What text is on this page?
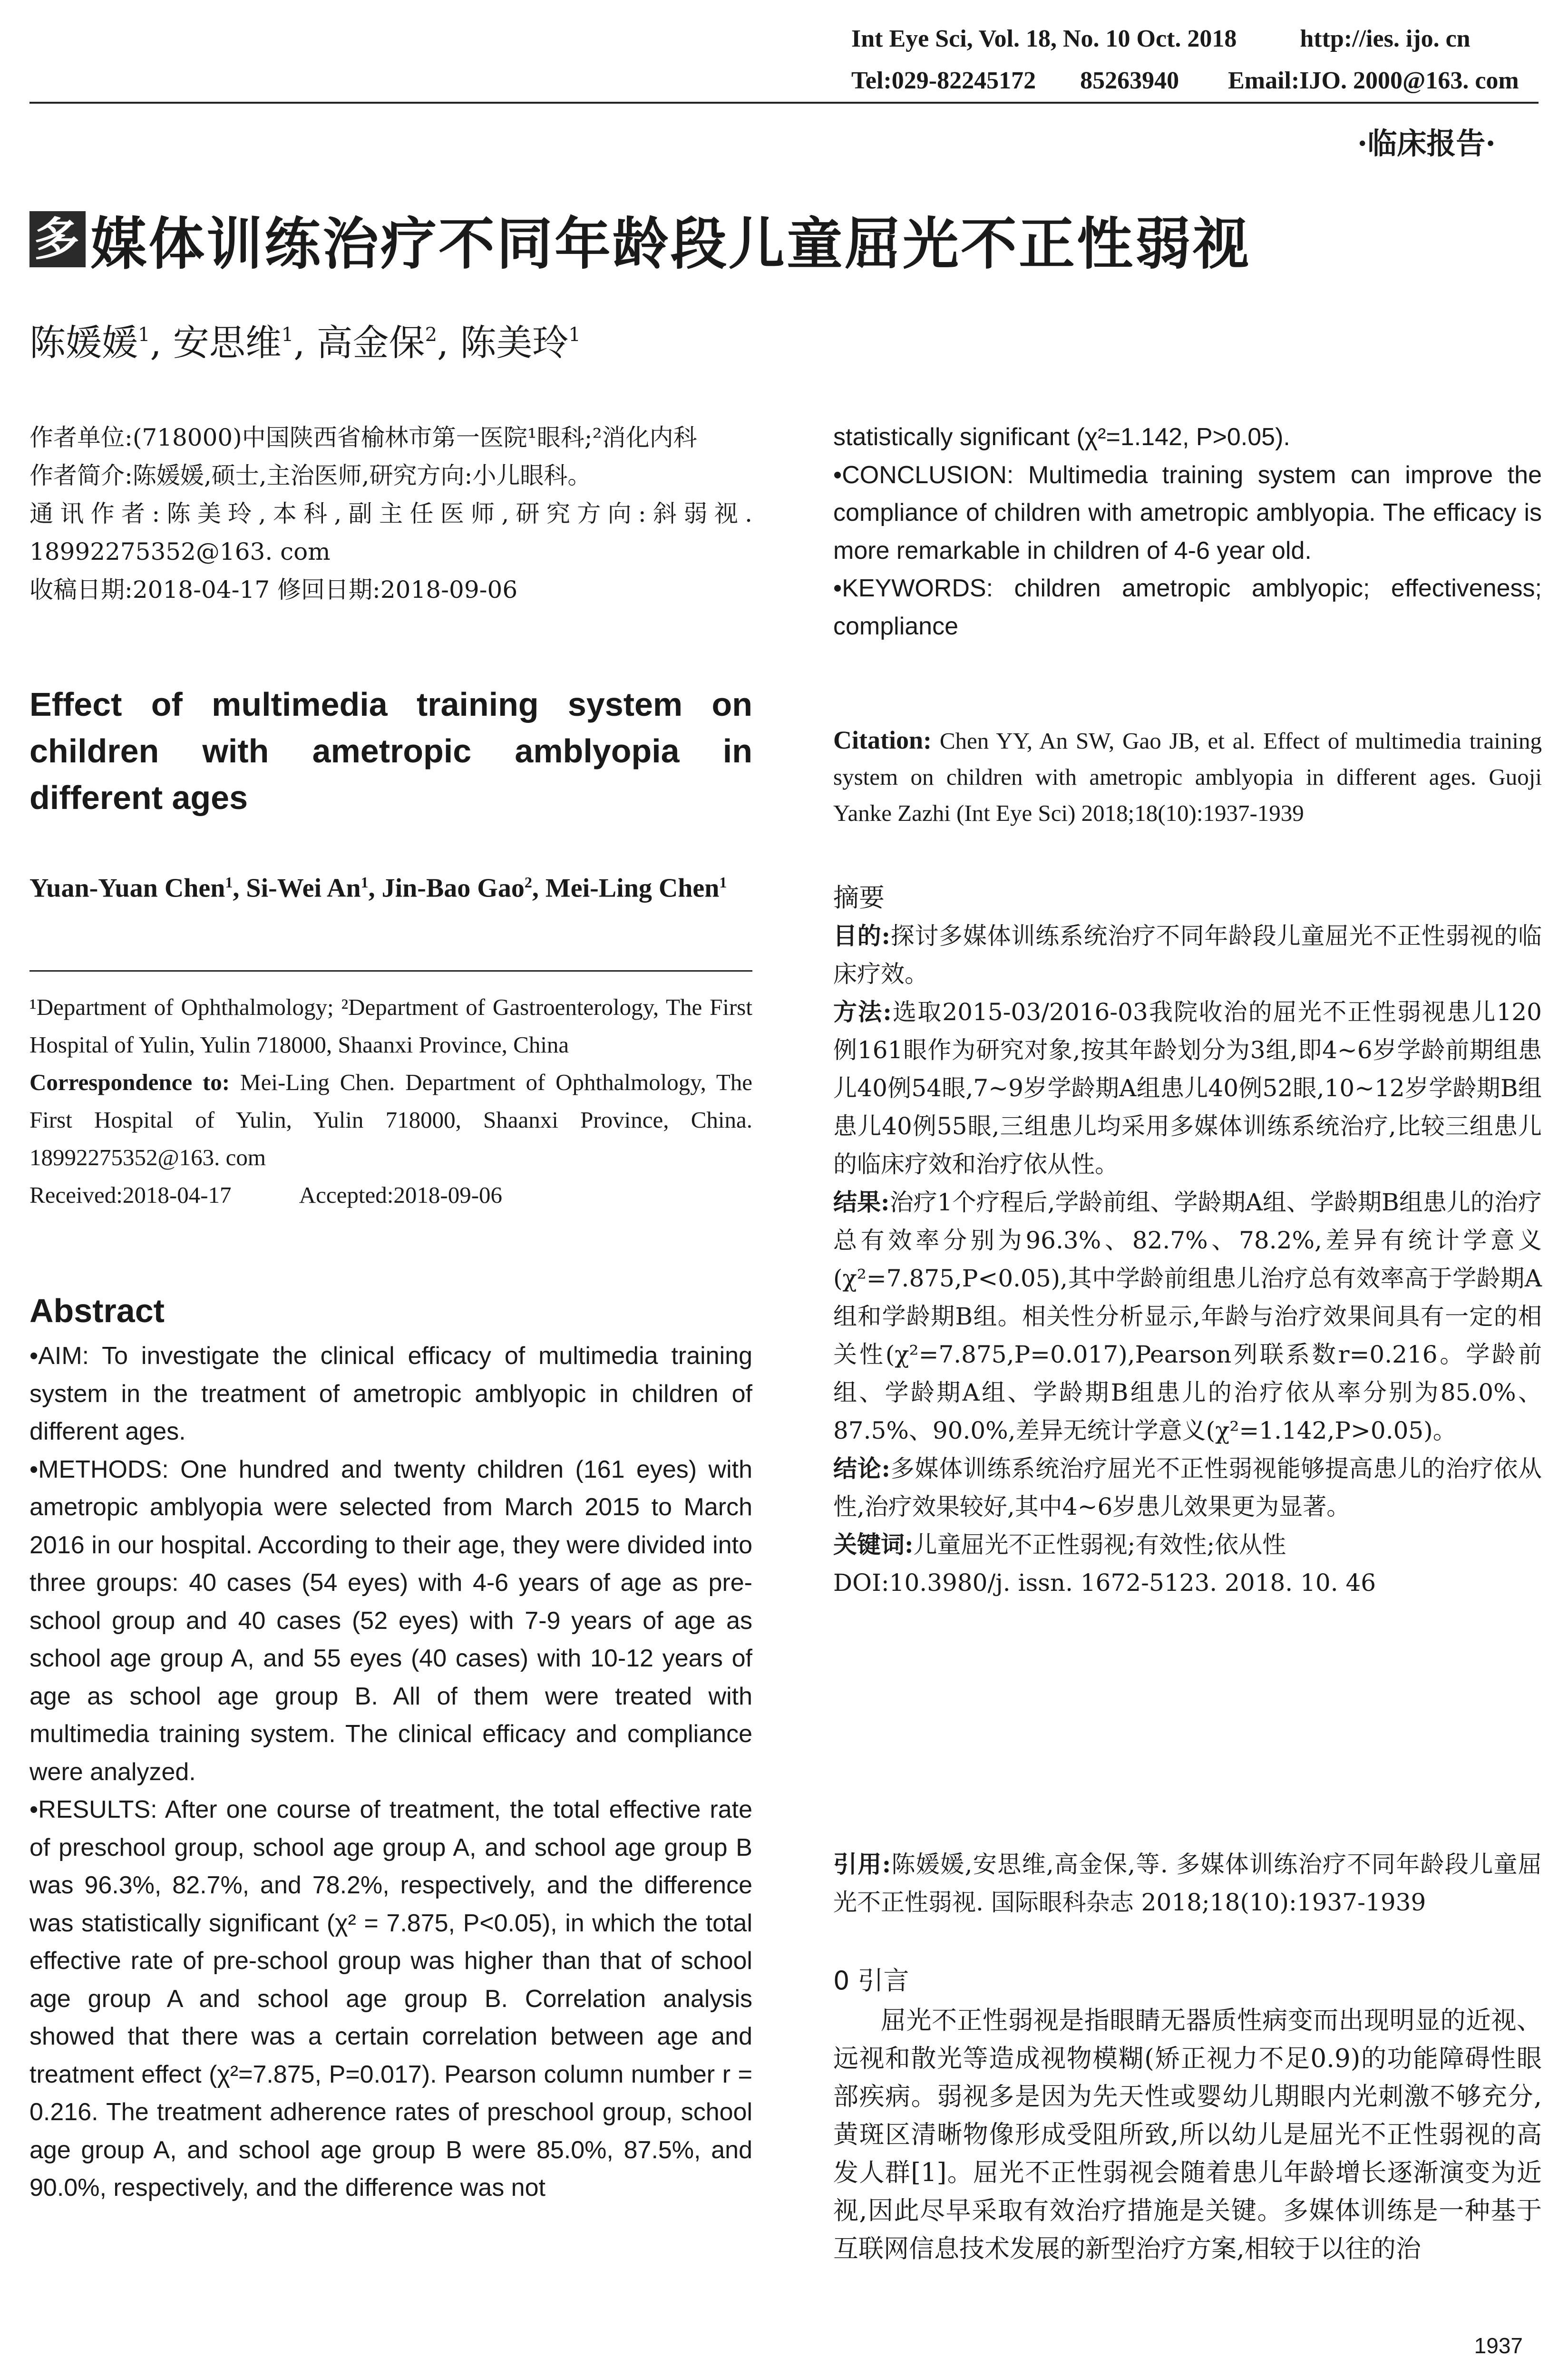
Int Eye Sci, Vol. 18, No. 10 Oct. 2018	http://ies. ijo. cn
Tel:029-82245172 85263940 Email:IJO. 2000@163. com
·临床报告·
多 媒体训练治疗不同年龄段儿童屈光不正性弱视
陈媛媛$^1$, 安思维$^1$, 高金保$^2$, 陈美玲$^1$

作者单位:(718000)中国陕西省榆林市第一医院¹眼科;²消化内科

作者简介:陈媛媛,硕士,主治医师,研究方向:小儿眼科。

通讯作者:陈美玲,本科,副主任医师,研究方向:斜弱视. 18992275352@163. com

收稿日期:2018-04-17 修回日期:2018-09-06

Effect of multimedia training system on children with ametropic amblyopia in different ages
Yuan-Yuan Chen$^1$, Si-Wei An$^1$, Jin-Bao Gao$^2$, Mei-Ling Chen$^1$

¹Department of Ophthalmology; ²Department of Gastroenterology, The First Hospital of Yulin, Yulin 718000, Shaanxi Province, China

Correspondence to: Mei-Ling Chen. Department of Ophthalmology, The First Hospital of Yulin, Yulin 718000, Shaanxi Province, China. 18992275352@163. com

Received:2018-04-17	Accepted:2018-09-06

Abstract

•AIM: To investigate the clinical efficacy of multimedia training system in the treatment of ametropic amblyopic in children of different ages.

•METHODS: One hundred and twenty children (161 eyes) with ametropic amblyopia were selected from March 2015 to March 2016 in our hospital. According to their age, they were divided into three groups: 40 cases (54 eyes) with 4-6 years of age as pre-school group and 40 cases (52 eyes) with 7-9 years of age as school age group A, and 55 eyes (40 cases) with 10-12 years of age as school age group B. All of them were treated with multimedia training system. The clinical efficacy and compliance were analyzed.

•RESULTS: After one course of treatment, the total effective rate of preschool group, school age group A, and school age group B was 96.3%, 82.7%, and 78.2%, respectively, and the difference was statistically significant (χ² = 7.875, P<0.05), in which the total effective rate of pre-school group was higher than that of school age group A and school age group B. Correlation analysis showed that there was a certain correlation between age and treatment effect (χ²=7.875, P=0.017). Pearson column number r = 0.216. The treatment adherence rates of preschool group, school age group A, and school age group B were 85.0%, 87.5%, and 90.0%, respectively, and the difference was not

statistically significant (χ²=1.142, P>0.05).

•CONCLUSION: Multimedia training system can improve the compliance of children with ametropic amblyopia. The efficacy is more remarkable in children of 4-6 year old.

•KEYWORDS: children ametropic amblyopic; effectiveness; compliance

Citation: Chen YY, An SW, Gao JB, et al. Effect of multimedia training system on children with ametropic amblyopia in different ages. Guoji Yanke Zazhi (Int Eye Sci) 2018;18(10):1937-1939

摘要

目的:探讨多媒体训练系统治疗不同年龄段儿童屈光不正性弱视的临床疗效。

方法:选取2015-03/2016-03我院收治的屈光不正性弱视患儿120例161眼作为研究对象,按其年龄划分为3组,即4~6岁学龄前期组患儿40例54眼,7~9岁学龄期A组患儿40例52眼,10~12岁学龄期B组患儿40例55眼,三组患儿均采用多媒体训练系统治疗,比较三组患儿的临床疗效和治疗依从性。

结果:治疗1个疗程后,学龄前组、学龄期A组、学龄期B组患儿的治疗总有效率分别为96.3%、82.7%、78.2%,差异有统计学意义(χ²=7.875,P<0.05),其中学龄前组患儿治疗总有效率高于学龄期A组和学龄期B组。相关性分析显示,年龄与治疗效果间具有一定的相关性(χ²=7.875,P=0.017),Pearson列联系数r=0.216。学龄前组、学龄期A组、学龄期B组患儿的治疗依从率分别为85.0%、87.5%、90.0%,差异无统计学意义(χ²=1.142,P>0.05)。

结论:多媒体训练系统治疗屈光不正性弱视能够提高患儿的治疗依从性,治疗效果较好,其中4~6岁患儿效果更为显著。

关键词:儿童屈光不正性弱视;有效性;依从性

DOI:10.3980/j. issn. 1672-5123. 2018. 10. 46

引用:陈媛媛,安思维,高金保,等. 多媒体训练治疗不同年龄段儿童屈光不正性弱视. 国际眼科杂志 2018;18(10):1937-1939

0 引言

屈光不正性弱视是指眼睛无器质性病变而出现明显的近视、远视和散光等造成视物模糊(矫正视力不足0.9)的功能障碍性眼部疾病。弱视多是因为先天性或婴幼儿期眼内光刺激不够充分,黄斑区清晰物像形成受阻所致,所以幼儿是屈光不正性弱视的高发人群[1]。屈光不正性弱视会随着患儿年龄增长逐渐演变为近视,因此尽早采取有效治疗措施是关键。多媒体训练是一种基于互联网信息技术发展的新型治疗方案,相较于以往的治

1937
